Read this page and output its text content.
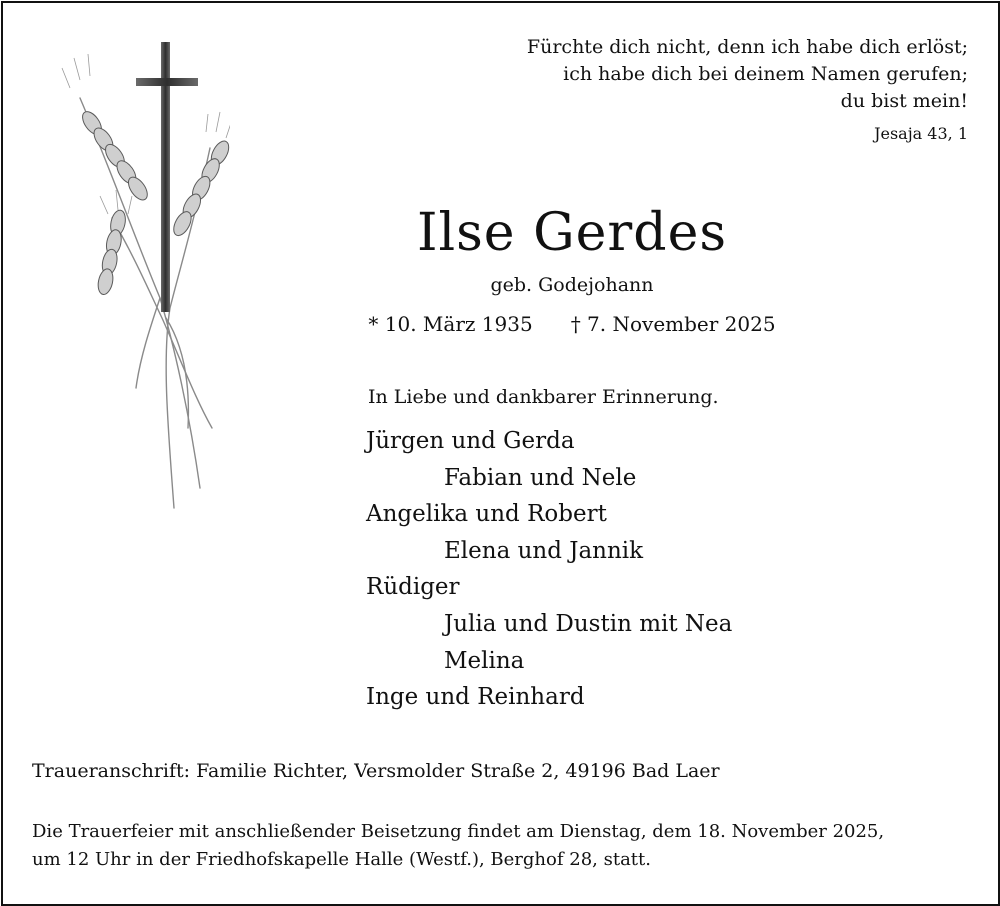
Fürchte dich nicht, denn ich habe dich erlöst;
ich habe dich bei deinem Namen gerufen;
du bist mein!
Jesaja 43, 1
Ilse Gerdes
geb. Godejohann
* 10. März 1935 † 7. November 2025
In Liebe und dankbarer Erinnerung.
Jürgen und Gerda
Fabian und Nele
Angelika und Robert
Elena und Jannik
Rüdiger
Julia und Dustin mit Nea
Melina
Inge und Reinhard
Traueranschrift: Familie Richter, Versmolder Straße 2, 49196 Bad Laer
Die Trauerfeier mit anschließender Beisetzung findet am Dienstag, dem 18. November 2025,
um 12 Uhr in der Friedhofskapelle Halle (Westf.), Berghof 28, statt.
